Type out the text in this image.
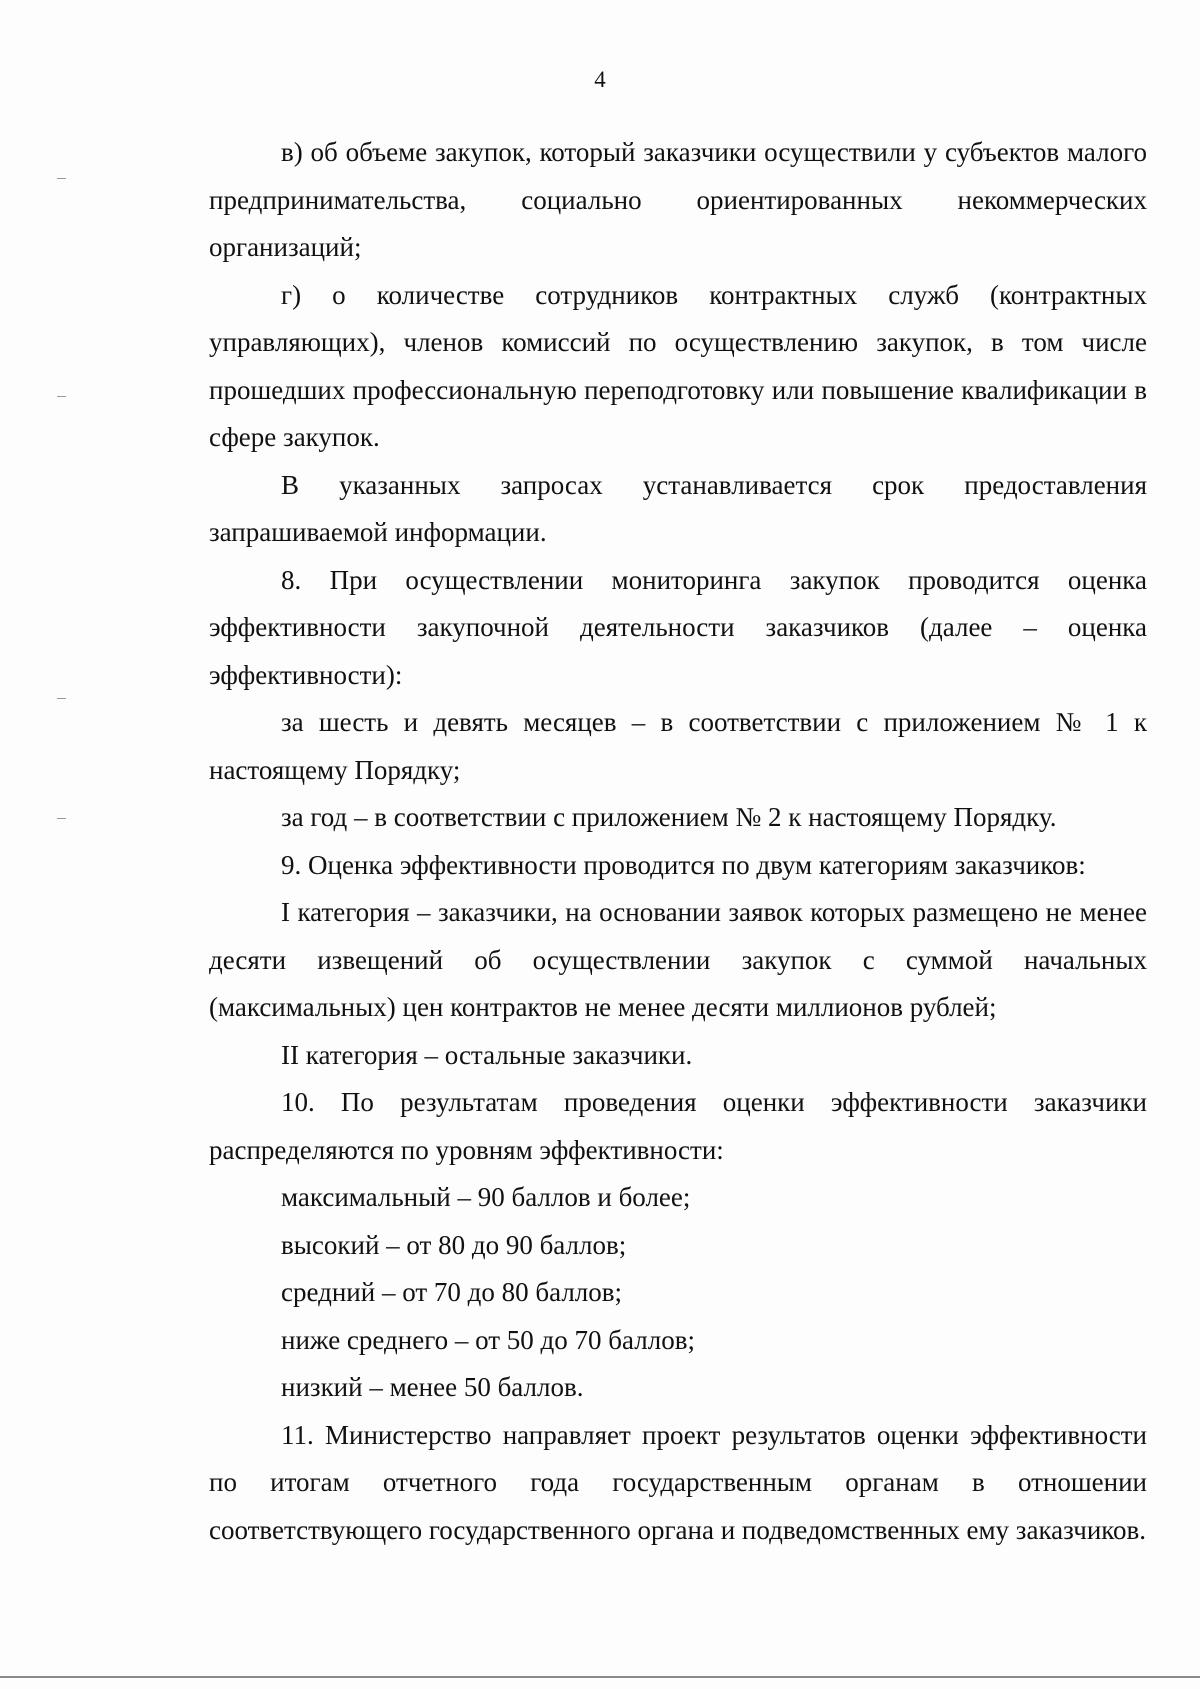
4

в) об объеме закупок, который заказчики осуществили у субъектов малого предпринимательства, социально ориентированных некоммерческих организаций;

г) о количестве сотрудников контрактных служб (контрактных управляющих), членов комиссий по осуществлению закупок, в том числе прошедших профессиональную переподготовку или повышение квалификации в сфере закупок.

В указанных запросах устанавливается срок предоставления запрашиваемой информации.

8. При осуществлении мониторинга закупок проводится оценка эффективности закупочной деятельности заказчиков (далее – оценка эффективности):

за шесть и девять месяцев – в соответствии с приложением № 1 к настоящему Порядку;

за год – в соответствии с приложением № 2 к настоящему Порядку.

9. Оценка эффективности проводится по двум категориям заказчиков:

I категория – заказчики, на основании заявок которых размещено не менее десяти извещений об осуществлении закупок с суммой начальных (максимальных) цен контрактов не менее десяти миллионов рублей;

II категория – остальные заказчики.

10. По результатам проведения оценки эффективности заказчики распределяются по уровням эффективности:

максимальный – 90 баллов и более;

высокий – от 80 до 90 баллов;

средний – от 70 до 80 баллов;

ниже среднего – от 50 до 70 баллов;

низкий – менее 50 баллов.

11. Министерство направляет проект результатов оценки эффективности по итогам отчетного года государственным органам в отношении соответствующего государственного органа и подведомственных ему заказчиков.
